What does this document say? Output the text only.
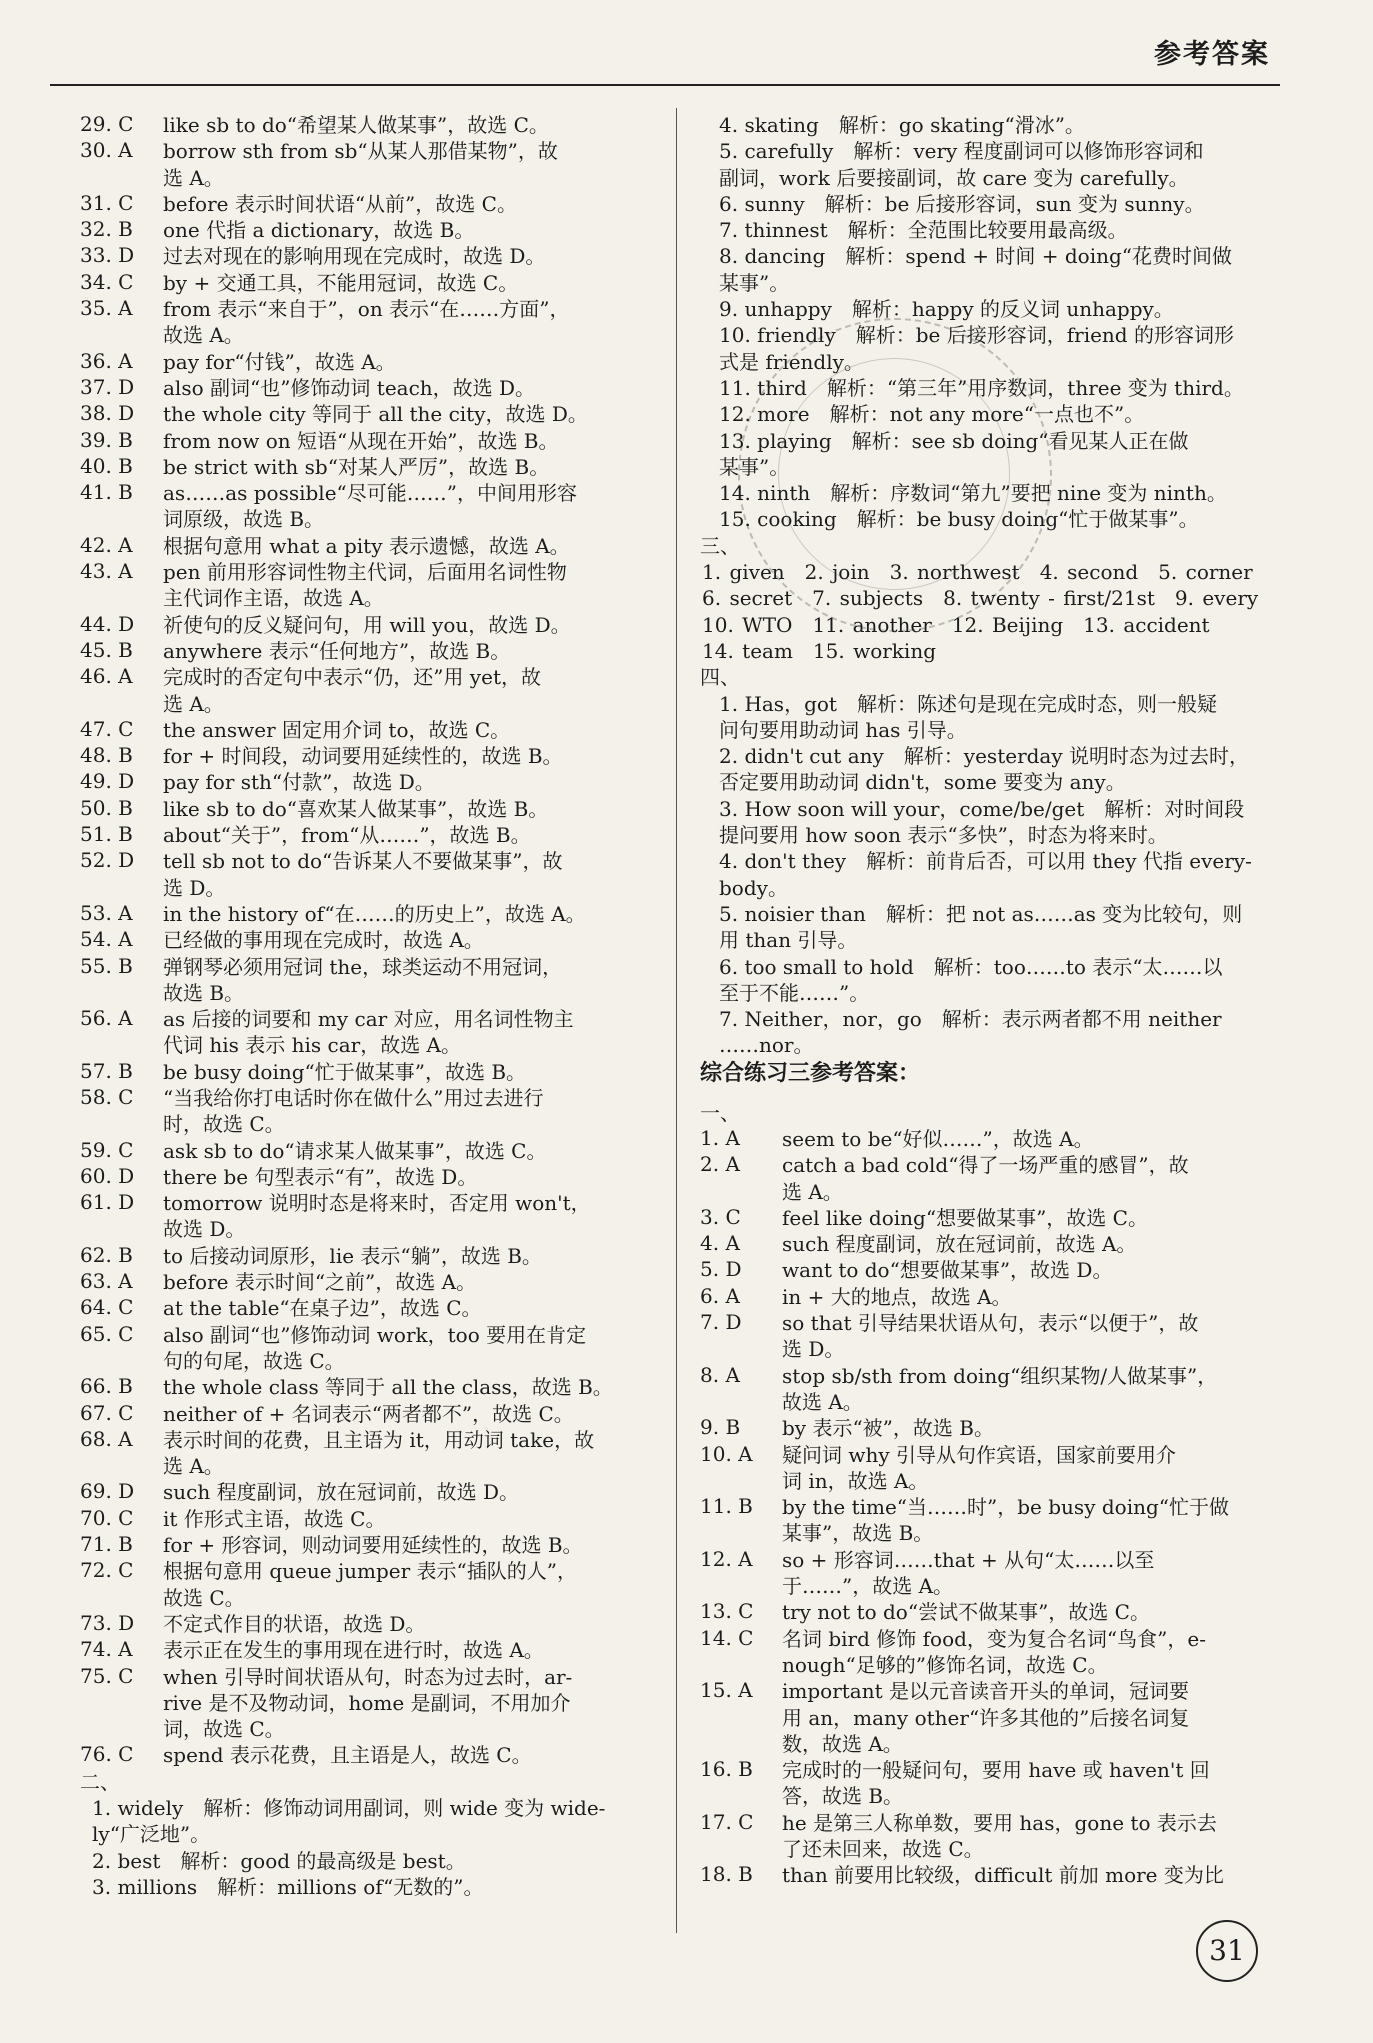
参考答案
29. C	like sb to do“希望某人做某事”，故选 C。
30. A	borrow sth from sb“从某人那借某物”，故
选 A。
31. C	before 表示时间状语“从前”，故选 C。
32. B	one 代指 a dictionary，故选 B。
33. D	过去对现在的影响用现在完成时，故选 D。
34. C	by + 交通工具，不能用冠词，故选 C。
35. A	from 表示“来自于”，on 表示“在……方面”，
故选 A。
36. A	pay for“付钱”，故选 A。
37. D	also 副词“也”修饰动词 teach，故选 D。
38. D	the whole city 等同于 all the city，故选 D。
39. B	from now on 短语“从现在开始”，故选 B。
40. B	be strict with sb“对某人严厉”，故选 B。
41. B	as……as possible“尽可能……”，中间用形容
词原级，故选 B。
42. A	根据句意用 what a pity 表示遗憾，故选 A。
43. A	pen 前用形容词性物主代词，后面用名词性物
主代词作主语，故选 A。
44. D	祈使句的反义疑问句，用 will you，故选 D。
45. B	anywhere 表示“任何地方”，故选 B。
46. A	完成时的否定句中表示“仍，还”用 yet，故
选 A。
47. C	the answer 固定用介词 to，故选 C。
48. B	for + 时间段，动词要用延续性的，故选 B。
49. D	pay for sth“付款”，故选 D。
50. B	like sb to do“喜欢某人做某事”，故选 B。
51. B	about“关于”，from“从……”，故选 B。
52. D	tell sb not to do“告诉某人不要做某事”，故
选 D。
53. A	in the history of“在……的历史上”，故选 A。
54. A	已经做的事用现在完成时，故选 A。
55. B	弹钢琴必须用冠词 the，球类运动不用冠词，
故选 B。
56. A	as 后接的词要和 my car 对应，用名词性物主
代词 his 表示 his car，故选 A。
57. B	be busy doing“忙于做某事”，故选 B。
58. C	“当我给你打电话时你在做什么”用过去进行
时，故选 C。
59. C	ask sb to do“请求某人做某事”，故选 C。
60. D	there be 句型表示“有”，故选 D。
61. D	tomorrow 说明时态是将来时，否定用 won't，
故选 D。
62. B	to 后接动词原形，lie 表示“躺”，故选 B。
63. A	before 表示时间“之前”，故选 A。
64. C	at the table“在桌子边”，故选 C。
65. C	also 副词“也”修饰动词 work，too 要用在肯定
句的句尾，故选 C。
66. B	the whole class 等同于 all the class，故选 B。
67. C	neither of + 名词表示“两者都不”，故选 C。
68. A	表示时间的花费，且主语为 it，用动词 take，故
选 A。
69. D	such 程度副词，放在冠词前，故选 D。
70. C	it 作形式主语，故选 C。
71. B	for + 形容词，则动词要用延续性的，故选 B。
72. C	根据句意用 queue jumper 表示“插队的人”，
故选 C。
73. D	不定式作目的状语，故选 D。
74. A	表示正在发生的事用现在进行时，故选 A。
75. C	when 引导时间状语从句，时态为过去时，ar-
rive 是不及物动词，home 是副词，不用加介
词，故选 C。
76. C	spend 表示花费，且主语是人，故选 C。
二、
1. widely　解析：修饰动词用副词，则 wide 变为 wide-
ly“广泛地”。
2. best　解析：good 的最高级是 best。
3. millions　解析：millions of“无数的”。
4. skating　解析：go skating“滑冰”。
5. carefully　解析：very 程度副词可以修饰形容词和
副词，work 后要接副词，故 care 变为 carefully。
6. sunny　解析：be 后接形容词，sun 变为 sunny。
7. thinnest　解析：全范围比较要用最高级。
8. dancing　解析：spend + 时间 + doing“花费时间做
某事”。
9. unhappy　解析：happy 的反义词 unhappy。
10. friendly　解析：be 后接形容词，friend 的形容词形
式是 friendly。
11. third　解析：“第三年”用序数词，three 变为 third。
12. more　解析：not any more“一点也不”。
13. playing　解析：see sb doing“看见某人正在做
某事”。
14. ninth　解析：序数词“第九”要把 nine 变为 ninth。
15. cooking　解析：be busy doing“忙于做某事”。
三、
1. given　2. join　3. northwest　4. second　5. corner
6. secret　7. subjects　8. twenty - first/21st　9. every
10. WTO　11. another　12. Beijing　13. accident
14. team　15. working
四、
1. Has，got　解析：陈述句是现在完成时态，则一般疑
问句要用助动词 has 引导。
2. didn't cut any　解析：yesterday 说明时态为过去时，
否定要用助动词 didn't，some 要变为 any。
3. How soon will your，come/be/get　解析：对时间段
提问要用 how soon 表示“多快”，时态为将来时。
4. don't they　解析：前肯后否，可以用 they 代指 every-
body。
5. noisier than　解析：把 not as……as 变为比较句，则
用 than 引导。
6. too small to hold　解析：too……to 表示“太……以
至于不能……”。
7. Neither，nor，go　解析：表示两者都不用 neither
……nor。
综合练习三参考答案：
一、
1. A	seem to be“好似……”，故选 A。
2. A	catch a bad cold“得了一场严重的感冒”，故
选 A。
3. C	feel like doing“想要做某事”，故选 C。
4. A	such 程度副词，放在冠词前，故选 A。
5. D	want to do“想要做某事”，故选 D。
6. A	in + 大的地点，故选 A。
7. D	so that 引导结果状语从句，表示“以便于”，故
选 D。
8. A	stop sb/sth from doing“组织某物/人做某事”，
故选 A。
9. B	by 表示“被”，故选 B。
10. A	疑问词 why 引导从句作宾语，国家前要用介
词 in，故选 A。
11. B	by the time“当……时”，be busy doing“忙于做
某事”，故选 B。
12. A	so + 形容词……that + 从句“太……以至
于……”，故选 A。
13. C	try not to do“尝试不做某事”，故选 C。
14. C	名词 bird 修饰 food，变为复合名词“鸟食”，e-
nough“足够的”修饰名词，故选 C。
15. A	important 是以元音读音开头的单词，冠词要
用 an，many other“许多其他的”后接名词复
数，故选 A。
16. B	完成时的一般疑问句，要用 have 或 haven't 回
答，故选 B。
17. C	he 是第三人称单数，要用 has，gone to 表示去
了还未回来，故选 C。
18. B	than 前要用比较级，difficult 前加 more 变为比
31
